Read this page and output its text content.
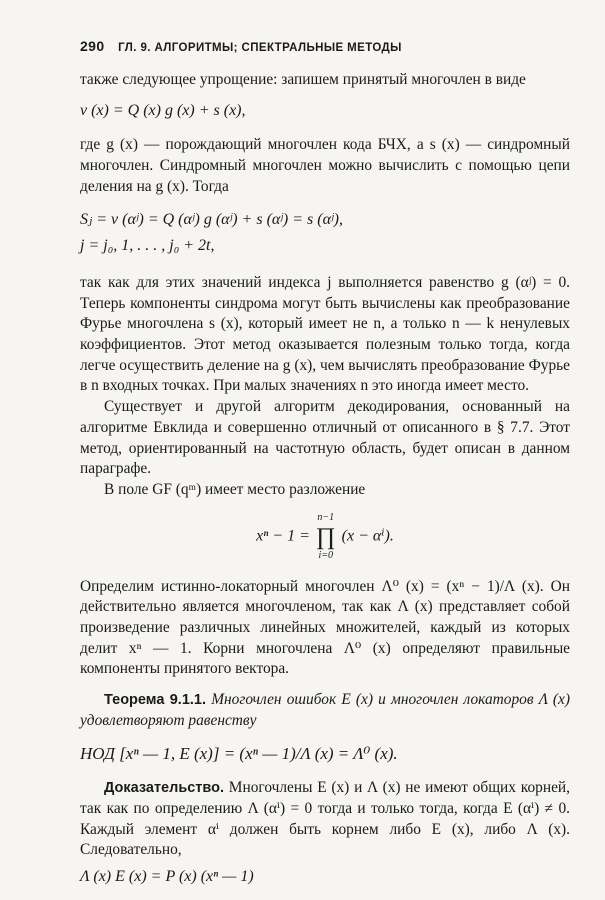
290 ГЛ. 9. АЛГОРИТМЫ; СПЕКТРАЛЬНЫЕ МЕТОДЫ

также следующее упрощение: запишем принятый многочлен в виде

v (x) = Q (x) g (x) + s (x),

где g (x) — порождающий многочлен кода БЧХ, а s (x) — синдромный многочлен. Синдромный многочлен можно вычислить с помощью цепи деления на g (x). Тогда

Sⱼ = v (αʲ) = Q (αʲ) g (αʲ) + s (αʲ) = s (αʲ),

j = j₀, 1, . . . , j₀ + 2t,

так как для этих значений индекса j выполняется равенство g (αʲ) = 0. Теперь компоненты синдрома могут быть вычислены как преобразование Фурье многочлена s (x), который имеет не n, а только n — k ненулевых коэффициентов. Этот метод оказывается полезным только тогда, когда легче осуществить деление на g (x), чем вычислять преобразование Фурье в n входных точках. При малых значениях n это иногда имеет место.

Существует и другой алгоритм декодирования, основанный на алгоритме Евклида и совершенно отличный от описанного в § 7.7. Этот метод, ориентированный на частотную область, будет описан в данном параграфе.

В поле GF (qᵐ) имеет место разложение

xⁿ − 1 =
n−1
∏
i=0
(x − αⁱ).

Определим истинно-локаторный многочлен Λ⁰ (x) = (xⁿ − 1)/Λ (x). Он действительно является многочленом, так как Λ (x) представляет собой произведение различных линейных множителей, каждый из которых делит xⁿ — 1. Корни многочлена Λ⁰ (x) определяют правильные компоненты принятого вектора.

Теорема 9.1.1. Многочлен ошибок E (x) и многочлен локаторов Λ (x) удовлетворяют равенству

НОД [xⁿ — 1, E (x)] = (xⁿ — 1)/Λ (x) = Λ⁰ (x).

Доказательство. Многочлены E (x) и Λ (x) не имеют общих корней, так как по определению Λ (αⁱ) = 0 тогда и только тогда, когда E (αⁱ) ≠ 0. Каждый элемент αⁱ должен быть корнем либо E (x), либо Λ (x). Следовательно,

Λ (x) E (x) = P (x) (xⁿ — 1)
